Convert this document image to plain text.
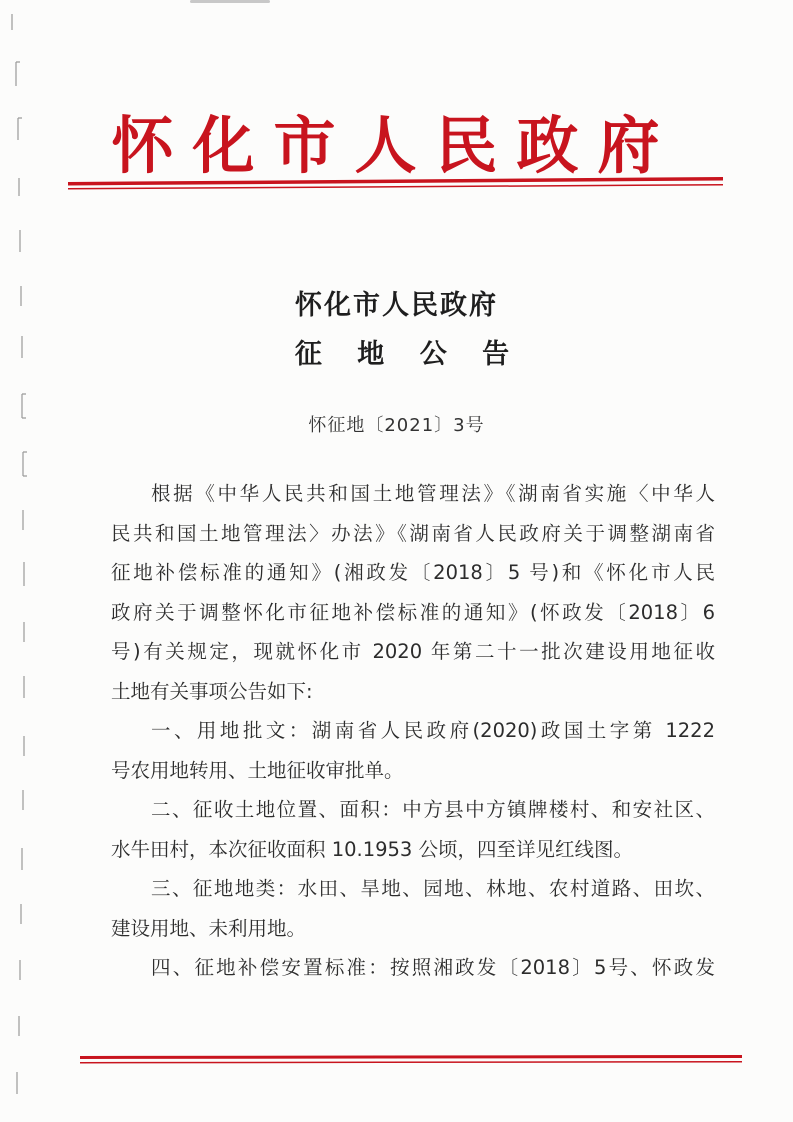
怀化市人民政府
怀化市人民政府
征 地 公 告
怀征地〔2021〕3号
根据《中华人民共和国土地管理法》《湖南省实施〈中华人
民共和国土地管理法〉办法》《湖南省人民政府关于调整湖南省
征地补偿标准的通知》(湘政发〔2018〕5 号)和《怀化市人民
政府关于调整怀化市征地补偿标准的通知》(怀政发〔2018〕6
号)有关规定，现就怀化市 2020 年第二十一批次建设用地征收
土地有关事项公告如下:
一、用地批文：湖南省人民政府(2020)政国土字第 1222
号农用地转用、土地征收审批单。
二、征收土地位置、面积：中方县中方镇牌楼村、和安社区、
水牛田村，本次征收面积 10.1953 公顷，四至详见红线图。
三、征地地类：水田、旱地、园地、林地、农村道路、田坎、
建设用地、未利用地。
四、征地补偿安置标准：按照湘政发〔2018〕5号、怀政发
